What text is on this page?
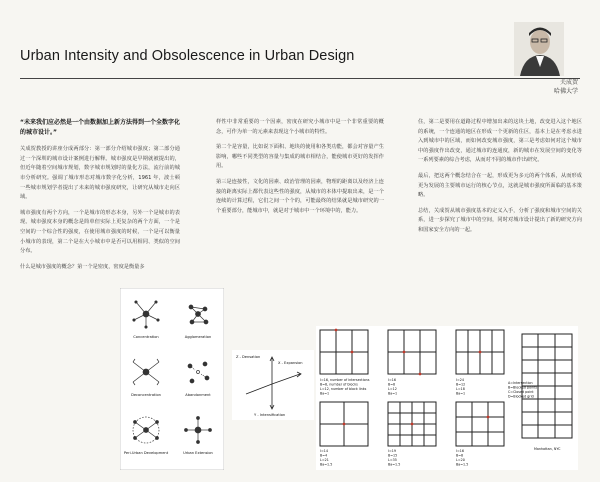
Urban Intensity and Obsolescence in Urban Design
关成贺
哈佛大学

“未来我们应必然是一个由数据加上新方法得到一个全数字化的城市设计。”

关成贺教授的讲座分成两部分：第一部分介绍城市强度；第二部分通过一个深圳的城市设计案例进行解释。城市强度是早期就被提出的，但近年随着空间城市规划，数字城市规划时的量化方法，流行前的城市分析研究。强调了城市形态对城市数字化分析，1961 年，波士顿一些城市规划学者提出了未来的城市强度研究，让研究从城市走向区域。

城市强度有两个方向，一个是城市的形态本身，另外一个是城市的表现。城市强度本身的概念是简单但实际上更复杂的两个方面，一个是空间的一个综合性的强度，在使用城市强度的时候，一个是可以衡量小城市的表现，第二个是在大小城市中是否可以用相同、类似的空间分布。

什么是城市强度的概念？第一个是密度，密度是衡量多

样性中非常重要的一个因素，密度在研究小城市中是一个非常重要的概念，可作为单一的元素来表现这个小城市的特性。

第二个是容量，比如说下面积、地块的使用和各类功能，都会对容量产生影响，哪些不同类型的容量与集成的城市相结合，能使城市更好的发挥作用。

第三是连接性，文化的因素、政治管理的因素，物理的距离以及经济上连接的距离实际上都代表这些性的强度，从城市的本体中提取出来，是一个连续的计算过程，它们之间一个个的，可能最终的结果就是城市研究的一个重要部分，能城市中，就是对于城市中一个环境中的，能力。

住，第二是要用在道路过程中增加出来的这块土地，改变进入这个地区的系统，一个连通的地区在形成一个更新的住区，基本上是在考虑水进入到城市中的区域，而如何改变城市强度，第三是考虑如何对这个城市中的强度作出改变，通过城市的连通度，新的城市在发展空间的变化等一系列要素的综合考虑，从而对不同的城市作出研究。

最后，把这两个概念结合在一起，形成更为多元的两个体系，从而形成更为发展的主要城市运行的核心节点，这就是城市强度所面临的基本策略。

总结，关成贺从城市强度基本的定义入手，分析了强度和城市空间的关系，进一步探究了城市中的空间，同时对城市设计提出了新的研究方向和国家安全方向的一起。

Concentration	Agglomeration
Deconcentration	Abandonment
Peri-Urban Development	Urban Extension
Z - Densation
X - Expansion
Y - Intensification
I=16, number of intersections
B=8, number of blocks
L=12, number of block links
Ba=1
I=16
B=8
L=12
Ba=1
I=24
B=12
L=18
Ba=1
I=14
B=4
L=21
Ba=1.5
I=19
B=15
L=35
Ba=1.5
I=16
B=8
L=20
Ba=1.5
A=Intersection
B=Blocked points
C=Closed point
D=Blocked grid
Manhattan, NYC
